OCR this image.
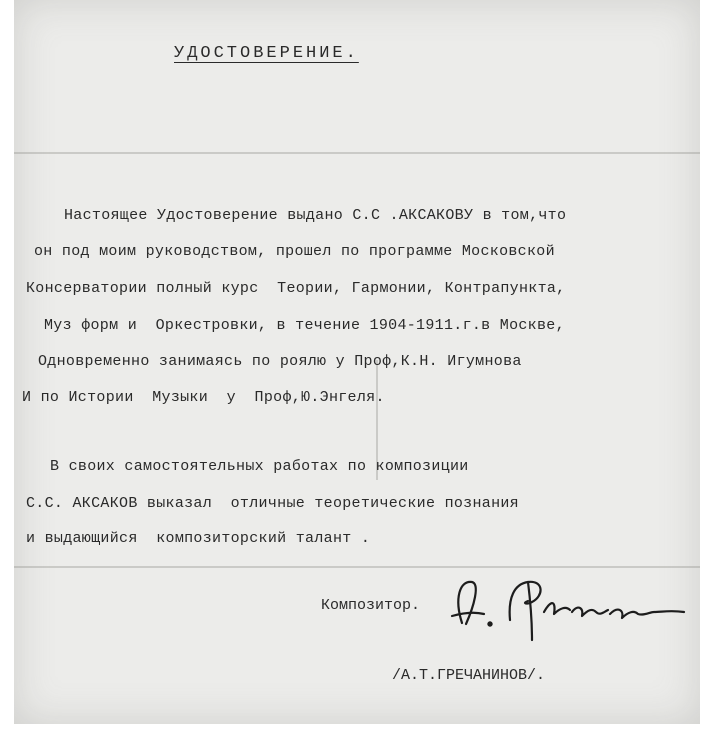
УДОСТОВЕРЕНИЕ.
Настоящее Удостоверение выдано С.С .АКСАКОВУ в том,что
он под моим руководством, прошел по программе Московской
Консерватории полный курс  Теории, Гармонии, Контрапункта,
Муз форм и  Оркестровки, в течение 1904-1911.г.в Москве,
Одновременно занимаясь по роялю у Проф,К.Н. Игумнова
И по Истории  Музыки  у  Проф,Ю.Энгеля.
В своих самостоятельных работах по композиции
С.С. АКСАКОВ выказал  отличные теоретические познания
и выдающийся  композиторский талант .
Композитор.
/А.Т.ГРЕЧАНИНОВ/.
